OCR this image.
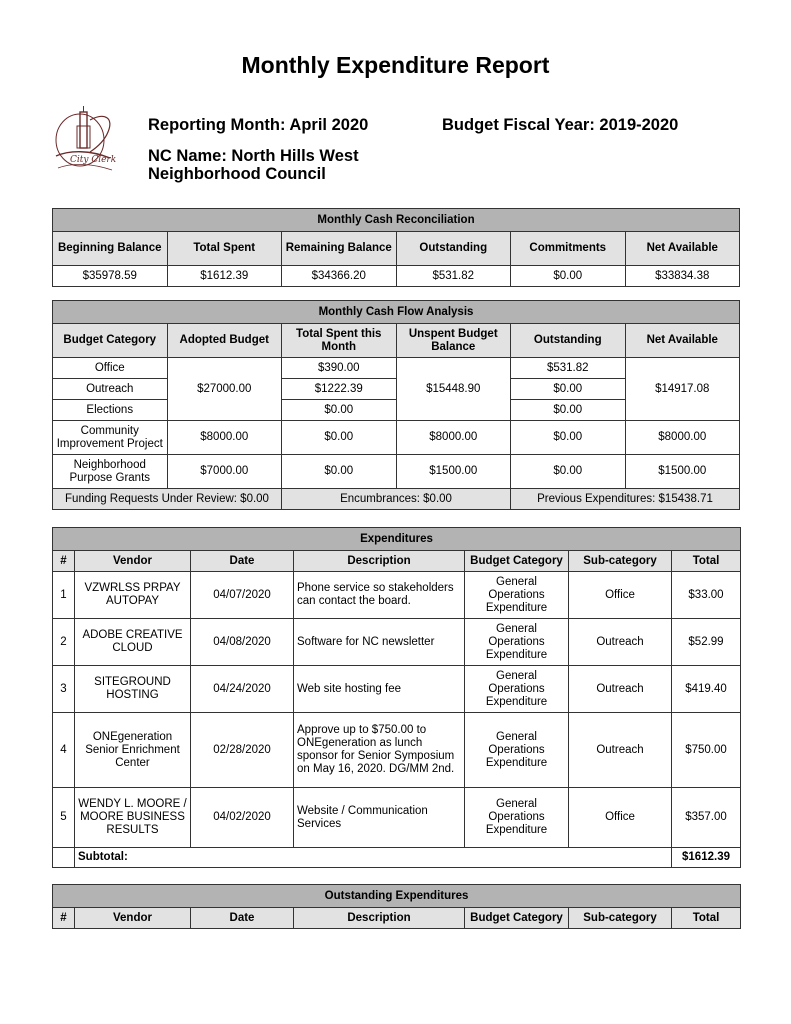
Monthly Expenditure Report
City Clerk
Reporting Month: April 2020	Budget Fiscal Year: 2019-2020
NC Name: North Hills West
Neighborhood Council
Monthly Cash Reconciliation					
Beginning Balance	Total Spent	Remaining Balance	Outstanding	Commitments	Net Available
$35978.59	$1612.39	$34366.20	$531.82	$0.00	$33834.38
Monthly Cash Flow Analysis					
Budget Category	Adopted Budget	Total Spent this Month	Unspent Budget Balance	Outstanding	Net Available
Office	$27000.00	$390.00	$15448.90	$531.82	$14917.08
Outreach		$1222.39		$0.00	
Elections		$0.00		$0.00	
Community Improvement Project	$8000.00	$0.00	$8000.00	$0.00	$8000.00
Neighborhood Purpose Grants	$7000.00	$0.00	$1500.00	$0.00	$1500.00
Funding Requests Under Review: $0.00		Encumbrances: $0.00		Previous Expenditures: $15438.71	
Expenditures						
#	Vendor	Date	Description	Budget Category	Sub-category	Total
1	VZWRLSS PRPAY AUTOPAY	04/07/2020	Phone service so stakeholders can contact the board.	General Operations Expenditure	Office	$33.00
2	ADOBE CREATIVE CLOUD	04/08/2020	Software for NC newsletter	General Operations Expenditure	Outreach	$52.99
3	SITEGROUND HOSTING	04/24/2020	Web site hosting fee	General Operations Expenditure	Outreach	$419.40
4	ONEgeneration Senior Enrichment Center	02/28/2020	Approve up to $750.00 to ONEgeneration as lunch sponsor for Senior Symposium on May 16, 2020. DG/MM 2nd.	General Operations Expenditure	Outreach	$750.00
5	WENDY L. MOORE / MOORE BUSINESS RESULTS	04/02/2020	Website / Communication Services	General Operations Expenditure	Office	$357.00
	Subtotal:					$1612.39
Outstanding Expenditures
#	Vendor	Date	Description	Budget Category	Sub-category	Total
